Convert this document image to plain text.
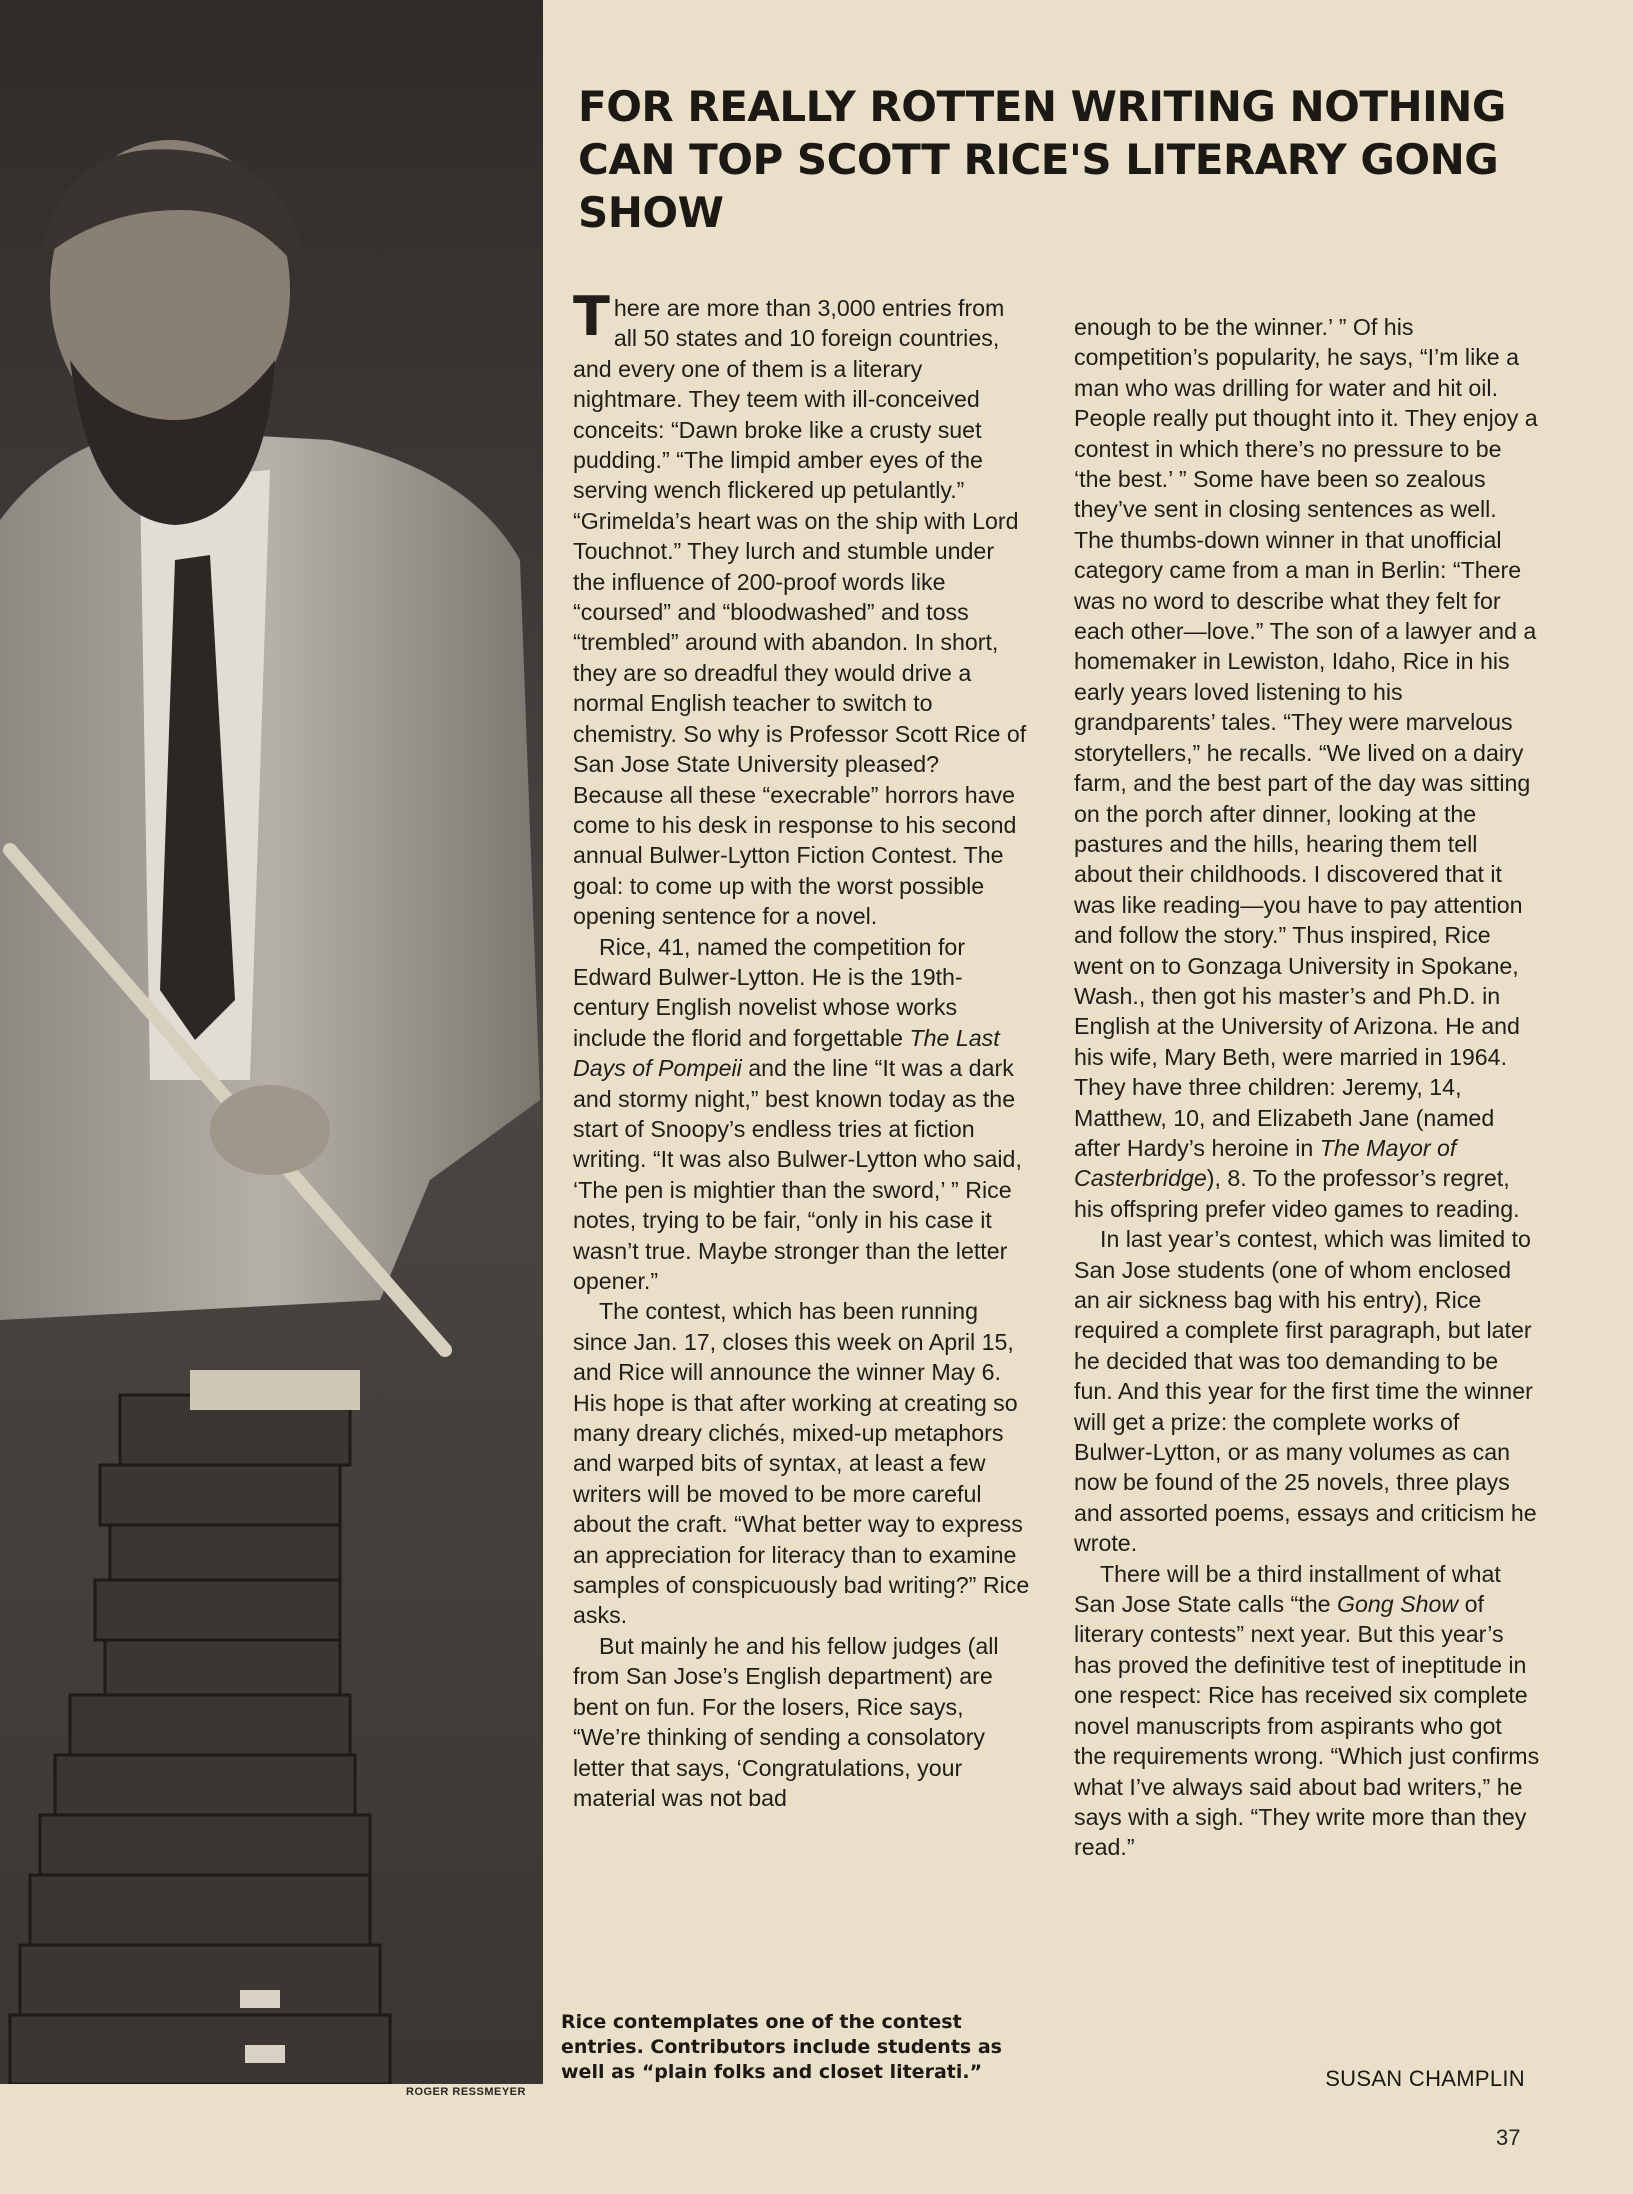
ROGER RESSMEYER
FOR REALLY ROTTEN WRITING NOTHING CAN TOP SCOTT RICE'S LITERARY GONG SHOW

There are more than 3,000 entries from all 50 states and 10 foreign countries, and every one of them is a literary nightmare. They teem with ill-conceived conceits: “Dawn broke like a crusty suet pudding.” “The limpid amber eyes of the serving wench flickered up petulantly.” “Grimelda’s heart was on the ship with Lord Touchnot.” They lurch and stumble under the influence of 200-proof words like “coursed” and “bloodwashed” and toss “trembled” around with abandon. In short, they are so dreadful they would drive a normal English teacher to switch to chemistry. So why is Professor Scott Rice of San Jose State University pleased? Because all these “execrable” horrors have come to his desk in response to his second annual Bulwer-Lytton Fiction Contest. The goal: to come up with the worst possible opening sentence for a novel.

Rice, 41, named the competition for Edward Bulwer-Lytton. He is the 19th-century English novelist whose works include the florid and forgettable The Last Days of Pompeii and the line “It was a dark and stormy night,” best known today as the start of Snoopy’s endless tries at fiction writing. “It was also Bulwer-Lytton who said, ‘The pen is mightier than the sword,’ ” Rice notes, trying to be fair, “only in his case it wasn’t true. Maybe stronger than the letter opener.”

The contest, which has been running since Jan. 17, closes this week on April 15, and Rice will announce the winner May 6. His hope is that after working at creating so many dreary clichés, mixed-up metaphors and warped bits of syntax, at least a few writers will be moved to be more careful about the craft. “What better way to express an appreciation for literacy than to examine samples of conspicuously bad writing?” Rice asks.

But mainly he and his fellow judges (all from San Jose’s English department) are bent on fun. For the losers, Rice says, “We’re thinking of sending a consolatory letter that says, ‘Congratulations, your material was not bad

Rice contemplates one of the contest entries. Contributors include students as well as “plain folks and closet literati.”

enough to be the winner.’ ” Of his competition’s popularity, he says, “I’m like a man who was drilling for water and hit oil. People really put thought into it. They enjoy a contest in which there’s no pressure to be ‘the best.’ ” Some have been so zealous they’ve sent in closing sentences as well. The thumbs-down winner in that unofficial category came from a man in Berlin: “There was no word to describe what they felt for each other—love.” The son of a lawyer and a homemaker in Lewiston, Idaho, Rice in his early years loved listening to his grandparents’ tales. “They were marvelous storytellers,” he recalls. “We lived on a dairy farm, and the best part of the day was sitting on the porch after dinner, looking at the pastures and the hills, hearing them tell about their childhoods. I discovered that it was like reading—you have to pay attention and follow the story.” Thus inspired, Rice went on to Gonzaga University in Spokane, Wash., then got his master’s and Ph.D. in English at the University of Arizona. He and his wife, Mary Beth, were married in 1964. They have three children: Jeremy, 14, Matthew, 10, and Elizabeth Jane (named after Hardy’s heroine in The Mayor of Casterbridge), 8. To the professor’s regret, his offspring prefer video games to reading.

In last year’s contest, which was limited to San Jose students (one of whom enclosed an air sickness bag with his entry), Rice required a complete first paragraph, but later he decided that was too demanding to be fun. And this year for the first time the winner will get a prize: the complete works of Bulwer-Lytton, or as many volumes as can now be found of the 25 novels, three plays and assorted poems, essays and criticism he wrote.

There will be a third installment of what San Jose State calls “the Gong Show of literary contests” next year. But this year’s has proved the definitive test of ineptitude in one respect: Rice has received six complete novel manuscripts from aspirants who got the requirements wrong. “Which just confirms what I’ve always said about bad writers,” he says with a sigh. “They write more than they read.”

SUSAN CHAMPLIN
37
